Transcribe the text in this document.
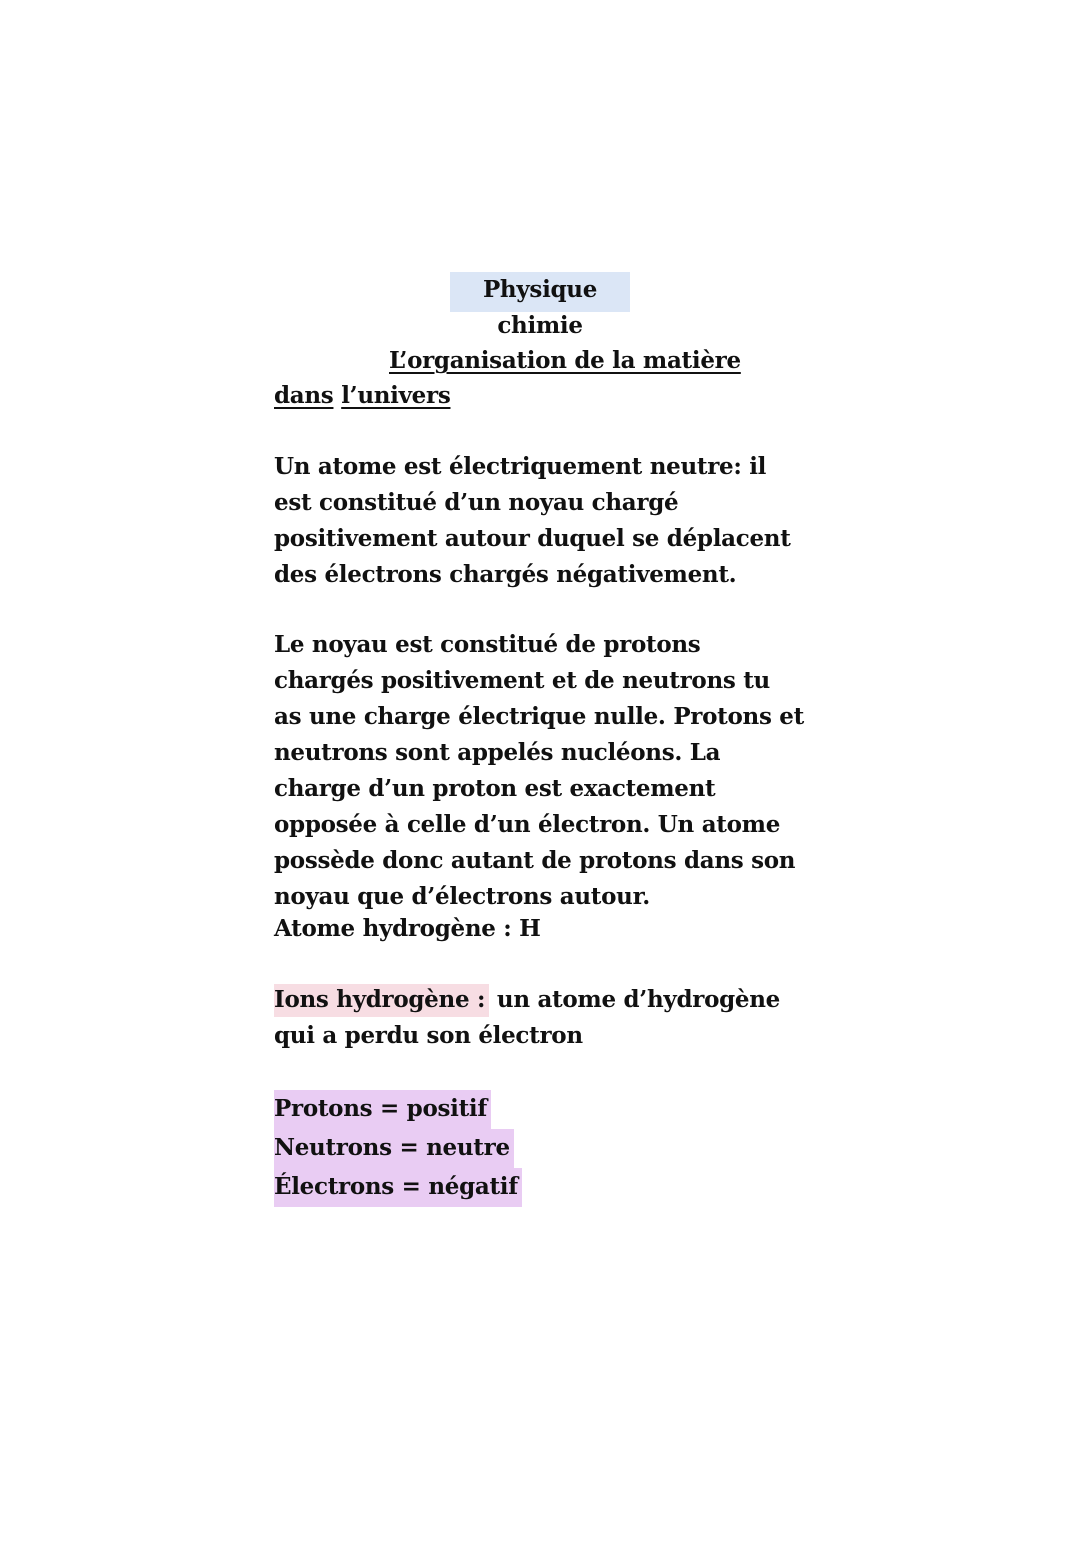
Physique chimie
L’organisation de la matière dans l’univers
Un atome est électriquement neutre: il est constitué d’un noyau chargé positivement autour duquel se déplacent des électrons chargés négativement.
Le noyau est constitué de protons chargés positivement et de neutrons tu as une charge électrique nulle. Protons et neutrons sont appelés nucléons. La charge d’un proton est exactement opposée à celle d’un électron. Un atome possède donc autant de protons dans son noyau que d’électrons autour.
Atome hydrogène : H
Ions hydrogène : un atome d’hydrogène qui a perdu son électron
Protons = positif
Neutrons = neutre
Électrons = négatif
